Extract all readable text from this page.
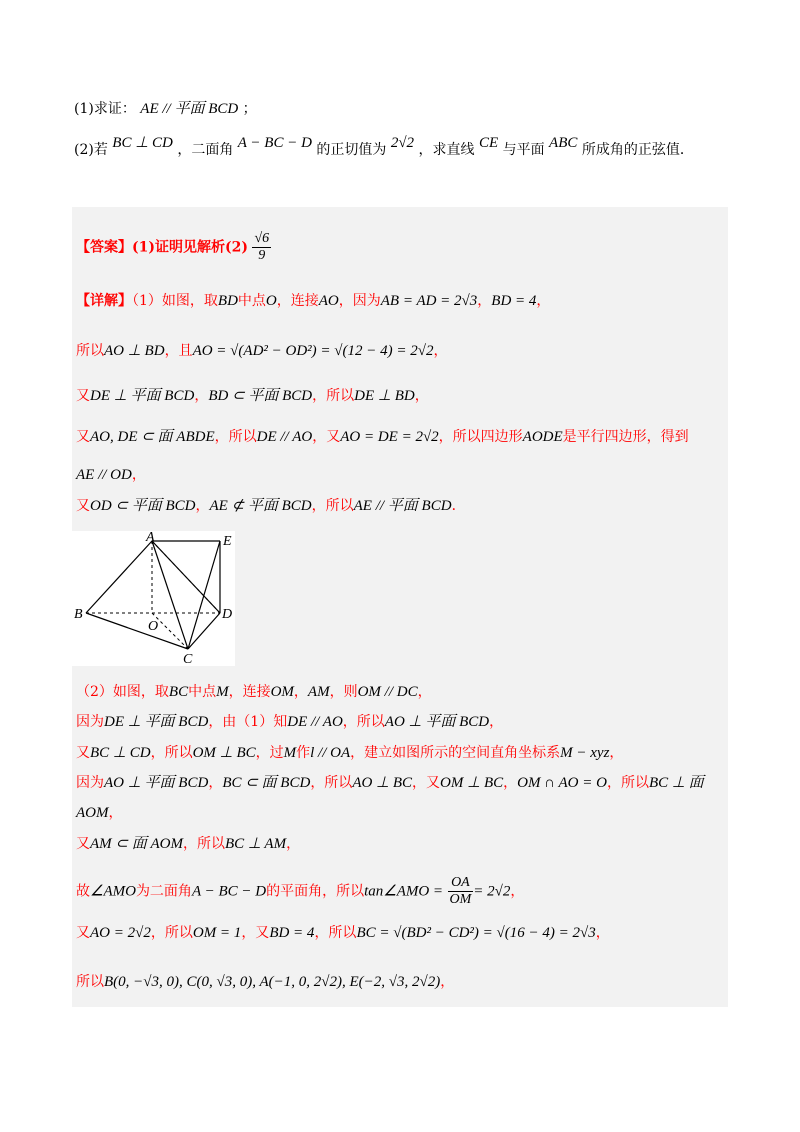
(1)求证： AE // 平面 BCD ；
(2)若 BC ⊥ CD ，二面角 A − BC − D 的正切值为 2√2 ，求直线 CE 与平面 ABC 所成角的正弦值．
【答案】(1)证明见解析$(2) \frac{√6}{9}$
【详解】（1）如图，取BD中点O，连接AO，因为AB = AD = 2√3，BD = 4，
所以AO ⊥ BD，且AO = √(AD² − OD²) = √(12 − 4) = 2√2，
又DE ⊥ 平面 BCD，BD ⊂ 平面 BCD，所以DE ⊥ BD，
又AO, DE ⊂ 面 ABDE，所以DE // AO，又AO = DE = 2√2，所以四边形AODE是平行四边形，得到
AE // OD，
又OD ⊂ 平面 BCD，AE ⊄ 平面 BCD，所以AE // 平面 BCD．
A	E
B
O
D
C
（2）如图，取BC中点M，连接OM，AM，则OM // DC，
因为DE ⊥ 平面 BCD，由（1）知DE // AO，所以AO ⊥ 平面 BCD，
又BC ⊥ CD，所以OM ⊥ BC，过M作l // OA，建立如图所示的空间直角坐标系M − xyz，
因为AO ⊥ 平面 BCD，BC ⊂ 面 BCD，所以AO ⊥ BC，又OM ⊥ BC，OM ∩ AO = O，所以BC ⊥ 面
AOM，
又AM ⊂ 面 AOM，所以BC ⊥ AM，
故∠AMO为二面角A − BC − D的平面角，所以tan∠AMO = $\frac{OA}{OM} = 2√2$，
又AO = 2√2，所以OM = 1，又BD = 4，所以BC = √(BD² − CD²) = √(16 − 4) = 2√3，
所以B(0, −√3, 0), C(0, √3, 0), A(−1, 0, 2√2), E(−2, √3, 2√2)，
